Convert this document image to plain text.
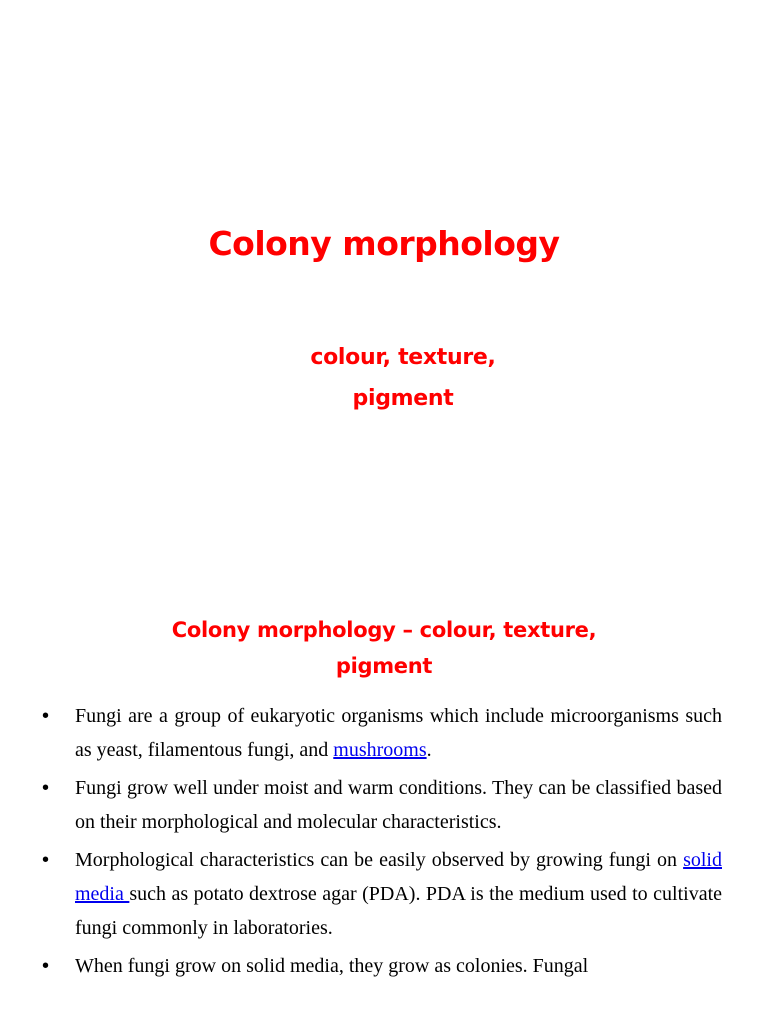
Colony morphology
colour, texture,
pigment
Colony morphology – colour, texture,
pigment
• Fungi are a group of eukaryotic organisms which include microorganisms such as yeast, filamentous fungi, and mushrooms.
• Fungi grow well under moist and warm conditions. They can be classified based on their morphological and molecular characteristics.
• Morphological characteristics can be easily observed by growing fungi on solid media such as potato dextrose agar (PDA). PDA is the medium used to cultivate fungi commonly in laboratories.
• When fungi grow on solid media, they grow as colonies. Fungal
